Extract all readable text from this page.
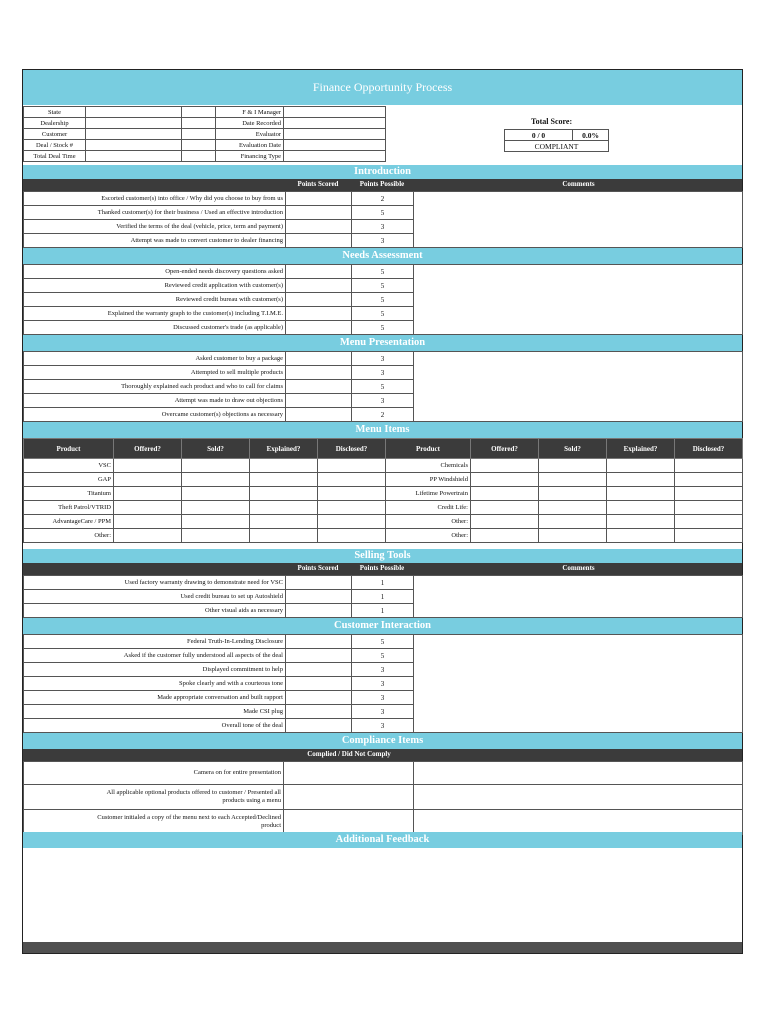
Finance Opportunity Process
State			F & I Manager	
Dealership			Date Recorded	
Customer			Evaluator	
Deal / Stock #			Evaluation Date	
Total Deal Time			Financing Type	
Total Score:
0 / 0	0.0%
COMPLIANT
Introduction
Points Scored	Points Possible	Comments
Escorted customer(s) into office / Why did you choose to buy from us		2	
Thanked customer(s) for their business / Used an effective introduction		5	
Verified the terms of the deal (vehicle, price, term and payment)		3	
Attempt was made to convert customer to dealer financing		3	
Needs Assessment
Open-ended needs discovery questions asked		5	
Reviewed credit application with customer(s)		5	
Reviewed credit bureau with customer(s)		5	
Explained the warranty graph to the customer(s) including T.I.M.E.		5	
Discussed customer's trade (as applicable)		5	
Menu Presentation
Asked customer to buy a package		3	
Attempted to sell multiple products		3	
Thoroughly explained each product and who to call for claims		5	
Attempt was made to draw out objections		3	
Overcame customer(s) objections as necessary		2	
Menu Items
Product	Offered?	Sold?	Explained?	Disclosed?	Product	Offered?	Sold?	Explained?	Disclosed?
VSC					Chemicals				
GAP					PP Windshield				
Titanium					Lifetime Powertrain				
Theft Patrol/VTRID					Credit Life:				
AdvantageCare / PPM					Other:				
Other:					Other:				
Selling Tools
Points Scored	Points Possible	Comments
Used factory warranty drawing to demonstrate need for VSC		1	
Used credit bureau to set up Autoshield		1	
Other visual aids as necessary		1	
Customer Interaction
Federal Truth-In-Lending Disclosure		5	
Asked if the customer fully understood all aspects of the deal		5	
Displayed commitment to help		3	
Spoke clearly and with a courteous tone		3	
Made appropriate conversation and built rapport		3	
Made CSI plug		3	
Overall tone of the deal		3	
Compliance Items
Complied / Did Not Comply
Camera on for entire presentation		

All applicable optional products offered to customer / Presented all
products using a menu		

Customer initialed a copy of the menu next to each Accepted/Declined
product		

Additional Feedback
